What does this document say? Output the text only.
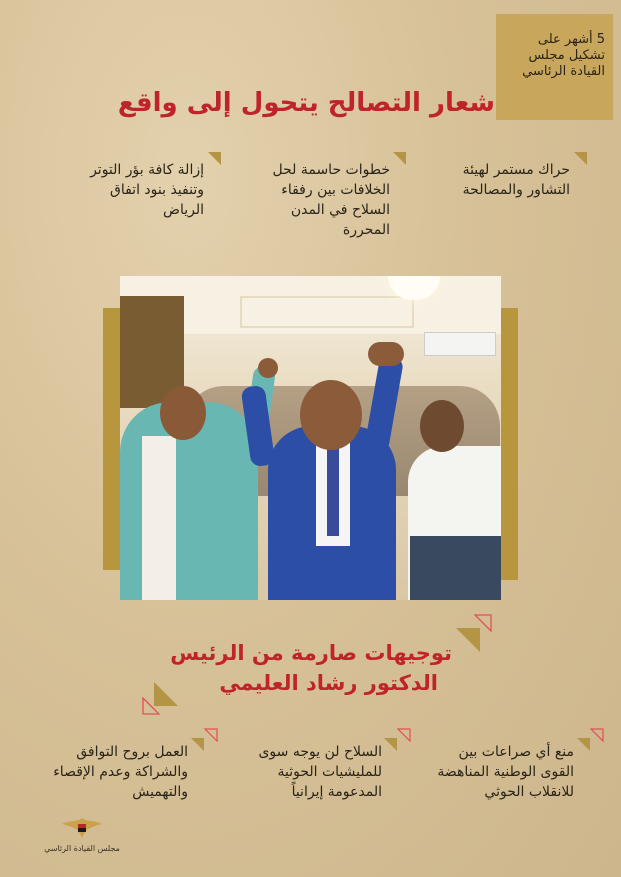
5 أشهر على
تشكيل مجلس
القيادة الرئاسي
شعار التصالح يتحول إلى واقع
حراك مستمر لهيئة
التشاور والمصالحة
خطوات حاسمة لحل
الخلافات بين رفقاء
السلاح في المدن
المحررة
إزالة كافة بؤر التوتر
وتنفيذ بنود اتفاق
الرياض
توجيهات صارمة من الرئيس
الدكتور رشاد العليمي
منع أي صراعات بين
القوى الوطنية المناهضة
للانقلاب الحوثي
السلاح لن يوجه سوى
للمليشيات الحوثية
المدعومة إيرانياً
العمل بروح التوافق
والشراكة وعدم الإقصاء
والتهميش
مجلس القيادة الرئاسي
